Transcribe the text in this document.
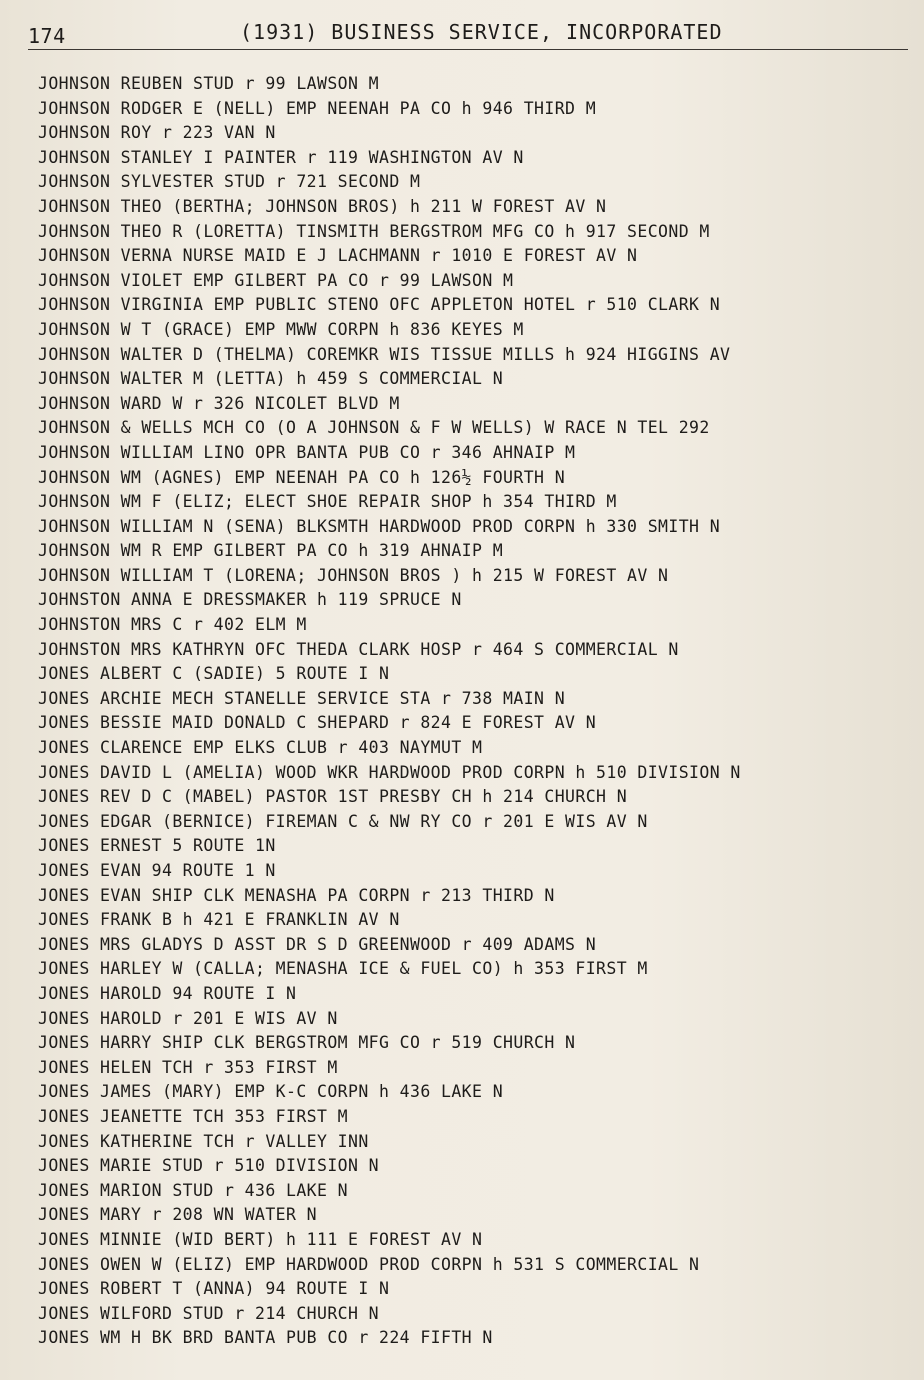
174	(1931) BUSINESS SERVICE, INCORPORATED
JOHNSON REUBEN STUD r 99 LAWSON M
JOHNSON RODGER E (NELL) EMP NEENAH PA CO h 946 THIRD M
JOHNSON ROY r 223 VAN N
JOHNSON STANLEY I PAINTER r 119 WASHINGTON AV N
JOHNSON SYLVESTER STUD r 721 SECOND M
JOHNSON THEO (BERTHA; JOHNSON BROS) h 211 W FOREST AV N
JOHNSON THEO R (LORETTA) TINSMITH BERGSTROM MFG CO h 917 SECOND M
JOHNSON VERNA NURSE MAID E J LACHMANN r 1010 E FOREST AV N
JOHNSON VIOLET EMP GILBERT PA CO r 99 LAWSON M
JOHNSON VIRGINIA EMP PUBLIC STENO OFC APPLETON HOTEL r 510 CLARK N
JOHNSON W T (GRACE) EMP MWW CORPN h 836 KEYES M
JOHNSON WALTER D (THELMA) COREMKR WIS TISSUE MILLS h 924 HIGGINS AV
JOHNSON WALTER M (LETTA) h 459 S COMMERCIAL N
JOHNSON WARD W r 326 NICOLET BLVD M
JOHNSON & WELLS MCH CO (O A JOHNSON & F W WELLS) W RACE N TEL 292
JOHNSON WILLIAM LINO OPR BANTA PUB CO r 346 AHNAIP M
JOHNSON WM (AGNES) EMP NEENAH PA CO h 126½ FOURTH N
JOHNSON WM F (ELIZ; ELECT SHOE REPAIR SHOP h 354 THIRD M
JOHNSON WILLIAM N (SENA) BLKSMTH HARDWOOD PROD CORPN h 330 SMITH N
JOHNSON WM R EMP GILBERT PA CO h 319 AHNAIP M
JOHNSON WILLIAM T (LORENA; JOHNSON BROS ) h 215 W FOREST AV N
JOHNSTON ANNA E DRESSMAKER h 119 SPRUCE N
JOHNSTON MRS C r 402 ELM M
JOHNSTON MRS KATHRYN OFC THEDA CLARK HOSP r 464 S COMMERCIAL N
JONES ALBERT C (SADIE) 5 ROUTE I N
JONES ARCHIE MECH STANELLE SERVICE STA r 738 MAIN N
JONES BESSIE MAID DONALD C SHEPARD r 824 E FOREST AV N
JONES CLARENCE EMP ELKS CLUB r 403 NAYMUT M
JONES DAVID L (AMELIA) WOOD WKR HARDWOOD PROD CORPN h 510 DIVISION N
JONES REV D C (MABEL) PASTOR 1ST PRESBY CH h 214 CHURCH N
JONES EDGAR (BERNICE) FIREMAN C & NW RY CO r 201 E WIS AV N
JONES ERNEST 5 ROUTE 1N
JONES EVAN 94 ROUTE 1 N
JONES EVAN SHIP CLK MENASHA PA CORPN r 213 THIRD N
JONES FRANK B h 421 E FRANKLIN AV N
JONES MRS GLADYS D ASST DR S D GREENWOOD r 409 ADAMS N
JONES HARLEY W (CALLA; MENASHA ICE & FUEL CO) h 353 FIRST M
JONES HAROLD 94 ROUTE I N
JONES HAROLD r 201 E WIS AV N
JONES HARRY SHIP CLK BERGSTROM MFG CO r 519 CHURCH N
JONES HELEN TCH r 353 FIRST M
JONES JAMES (MARY) EMP K-C CORPN h 436 LAKE N
JONES JEANETTE TCH 353 FIRST M
JONES KATHERINE TCH r VALLEY INN
JONES MARIE STUD r 510 DIVISION N
JONES MARION STUD r 436 LAKE N
JONES MARY r 208 WN WATER N
JONES MINNIE (WID BERT) h 111 E FOREST AV N
JONES OWEN W (ELIZ) EMP HARDWOOD PROD CORPN h 531 S COMMERCIAL N
JONES ROBERT T (ANNA) 94 ROUTE I N
JONES WILFORD STUD r 214 CHURCH N
JONES WM H BK BRD BANTA PUB CO r 224 FIFTH N
